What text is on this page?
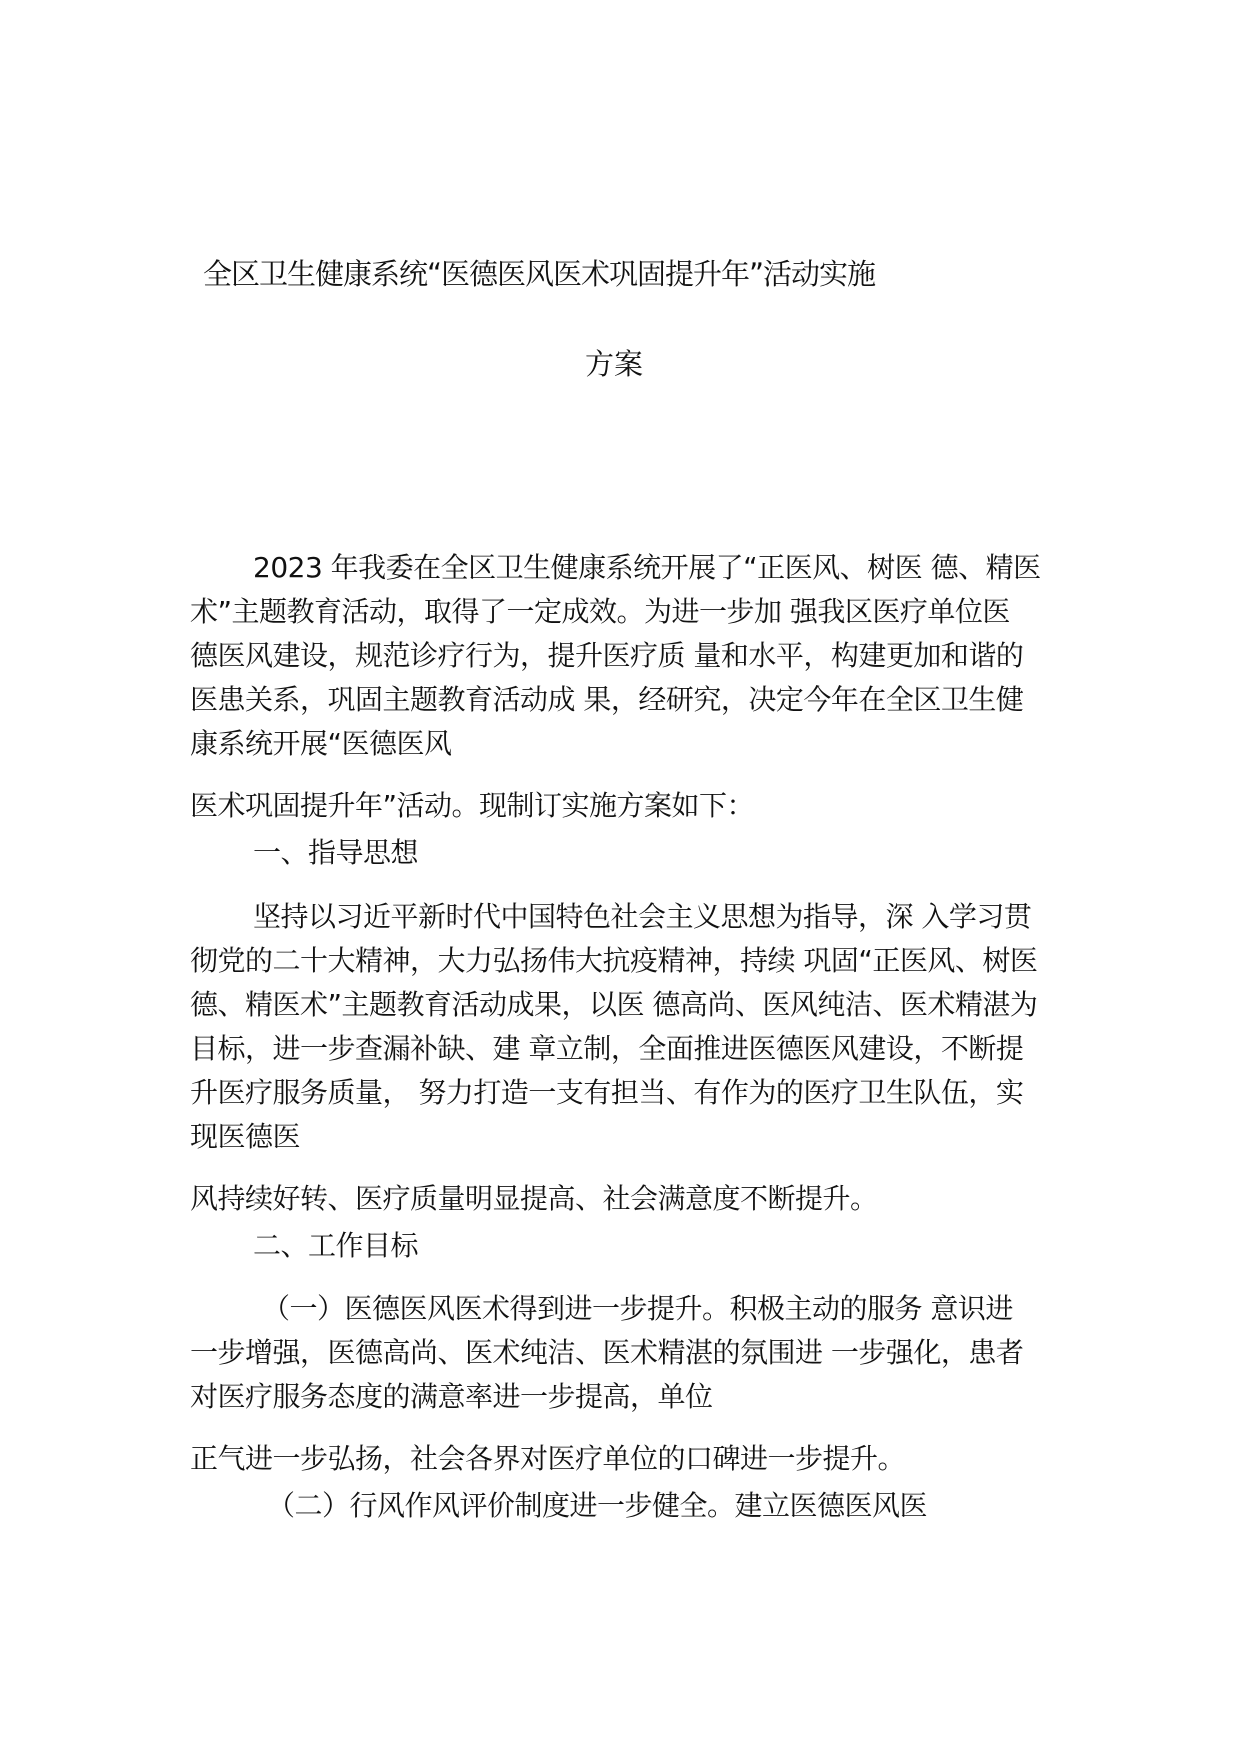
全区卫生健康系统“医德医风医术巩固提升年”活动实施
方案
2023 年我委在全区卫生健康系统开展了“正医风、树医 德、精医
术”主题教育活动，取得了一定成效。为进一步加 强我区医疗单位医
德医风建设，规范诊疗行为，提升医疗质 量和水平，构建更加和谐的
医患关系，巩固主题教育活动成 果，经研究，决定今年在全区卫生健
康系统开展“医德医风
医术巩固提升年”活动。现制订实施方案如下：
一、指导思想
坚持以习近平新时代中国特色社会主义思想为指导，深 入学习贯
彻党的二十大精神，大力弘扬伟大抗疫精神，持续 巩固“正医风、树医
德、精医术”主题教育活动成果，以医 德高尚、医风纯洁、医术精湛为
目标，进一步查漏补缺、建 章立制，全面推进医德医风建设，不断提
升医疗服务质量， 努力打造一支有担当、有作为的医疗卫生队伍，实
现医德医
风持续好转、医疗质量明显提高、社会满意度不断提升。
二、工作目标
（一）医德医风医术得到进一步提升。积极主动的服务 意识进
一步增强，医德高尚、医术纯洁、医术精湛的氛围进 一步强化，患者
对医疗服务态度的满意率进一步提高，单位
正气进一步弘扬，社会各界对医疗单位的口碑进一步提升。
（二）行风作风评价制度进一步健全。建立医德医风医
